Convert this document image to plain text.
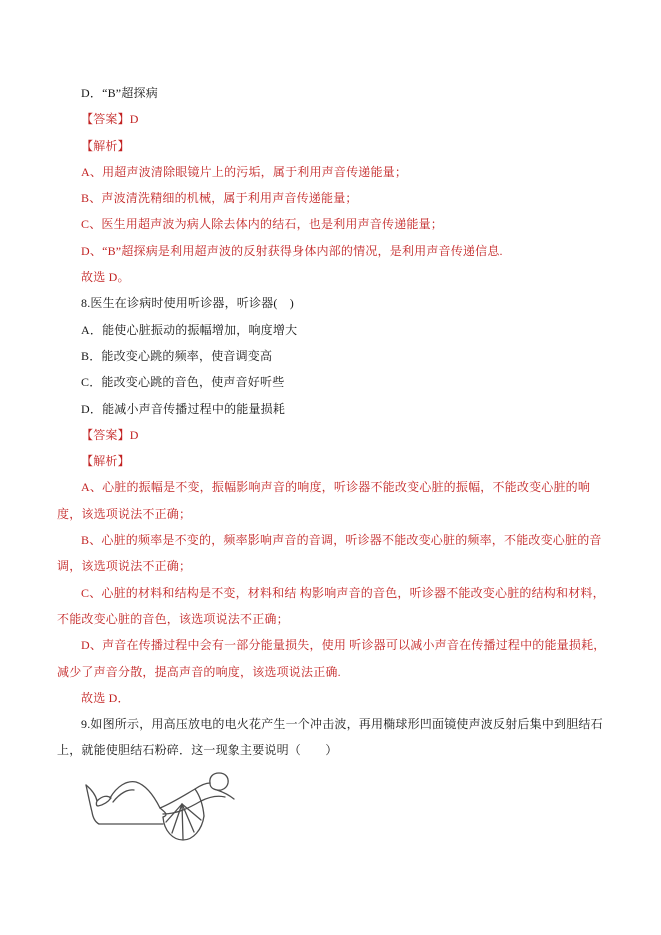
D．“B”超探病

【答案】D

【解析】

A、用超声波清除眼镜片上的污垢，属于利用声音传递能量；

B、声波清洗精细的机械，属于利用声音传递能量；

C、医生用超声波为病人除去体内的结石，也是利用声音传递能量；

D、“B”超探病是利用超声波的反射获得身体内部的情况，是利用声音传递信息.

故选 D。

8.医生在诊病时使用听诊器，听诊器(　)

A．能使心脏振动的振幅增加，响度增大

B．能改变心跳的频率，使音调变高

C．能改变心跳的音色，使声音好听些

D．能减小声音传播过程中的能量损耗

【答案】D

【解析】

A、心脏的振幅是不变，振幅影响声音的响度，听诊器不能改变心脏的振幅，不能改变心脏的响度，该选项说法不正确；

B、心脏的频率是不变的，频率影响声音的音调，听诊器不能改变心脏的频率，不能改变心脏的音调，该选项说法不正确；

C、心脏的材料和结构是不变，材料和结 构影响声音的音色，听诊器不能改变心脏的结构和材料，不能改变心脏的音色，该选项说法不正确；

D、声音在传播过程中会有一部分能量损失，使用 听诊器可以减小声音在传播过程中的能量损耗，减少了声音分散，提高声音的响度，该选项说法正确.

故选 D．

9.如图所示，用高压放电的电火花产生一个冲击波，再用椭球形凹面镜使声波反射后集中到胆结石上，就能使胆结石粉碎．这一现象主要说明（　　）
